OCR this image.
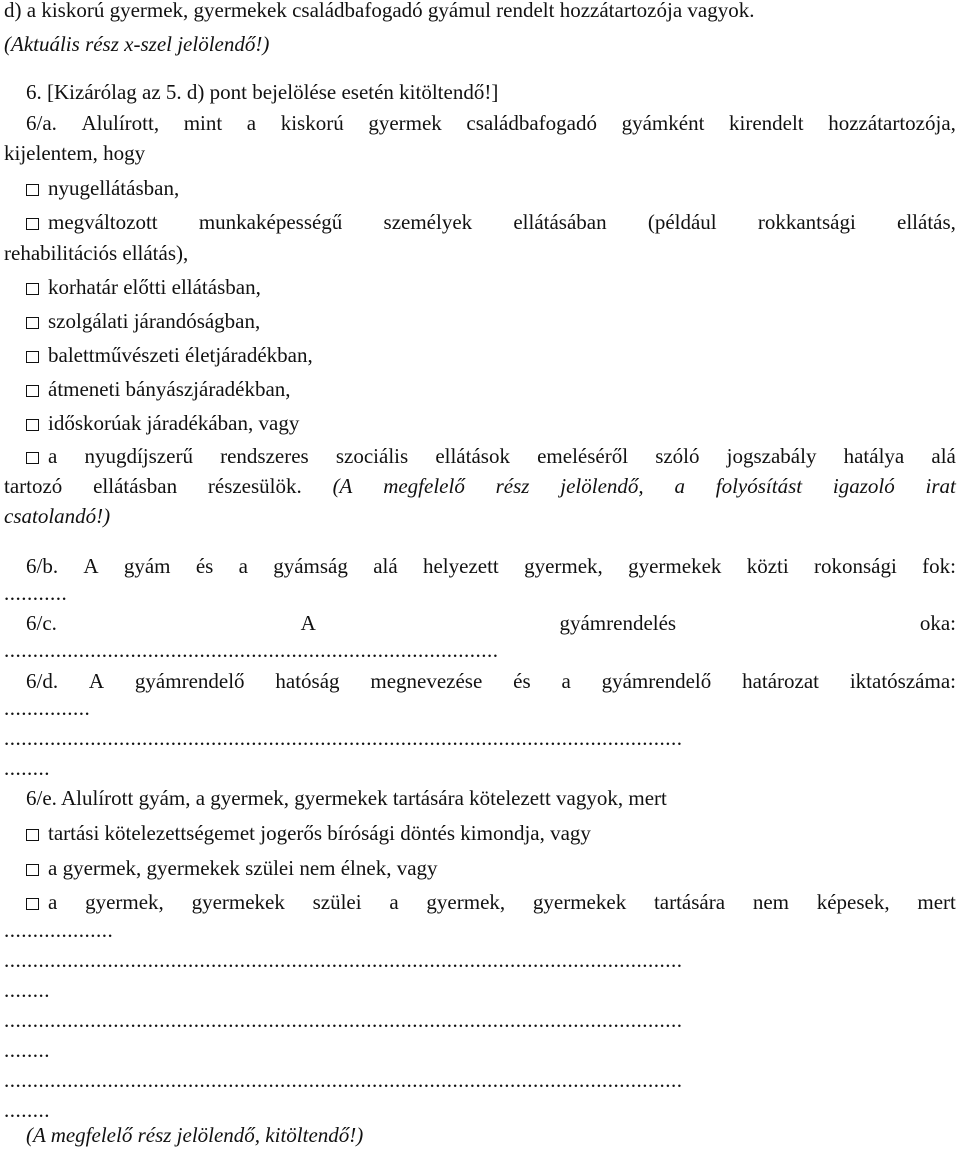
d) a kiskorú gyermek, gyermekek családbafogadó gyámul rendelt hozzátartozója vagyok.
(Aktuális rész x-szel jelölendő!)
6. [Kizárólag az 5. d) pont bejelölése esetén kitöltendő!]
6/a. Alulírott, mint a kiskorú gyermek családbafogadó gyámként kirendelt hozzátartozója,
kijelentem, hogy
nyugellátásban,
megváltozott munkaképességű személyek ellátásában (például rokkantsági ellátás,
rehabilitációs ellátás),
korhatár előtti ellátásban,
szolgálati járandóságban,
balettművészeti életjáradékban,
átmeneti bányászjáradékban,
időskorúak járadékában, vagy
a nyugdíjszerű rendszeres szociális ellátások emeléséről szóló jogszabály hatálya alá
tartozó ellátásban részesülök. (A megfelelő rész jelölendő, a folyósítást igazoló irat
csatolandó!)
6/b. A gyám és a gyámság alá helyezett gyermek, gyermekek közti rokonsági fok:
...........
6/c.	A	gyámrendelés	oka:
......................................................................................
6/d. A gyámrendelő hatóság megnevezése és a gyámrendelő határozat iktatószáma:
...............
......................................................................................................................
........
6/e. Alulírott gyám, a gyermek, gyermekek tartására kötelezett vagyok, mert
tartási kötelezettségemet jogerős bírósági döntés kimondja, vagy
a gyermek, gyermekek szülei nem élnek, vagy
a gyermek, gyermekek szülei a gyermek, gyermekek tartására nem képesek, mert
...................
......................................................................................................................
........
......................................................................................................................
........
......................................................................................................................
........
(A megfelelő rész jelölendő, kitöltendő!)
